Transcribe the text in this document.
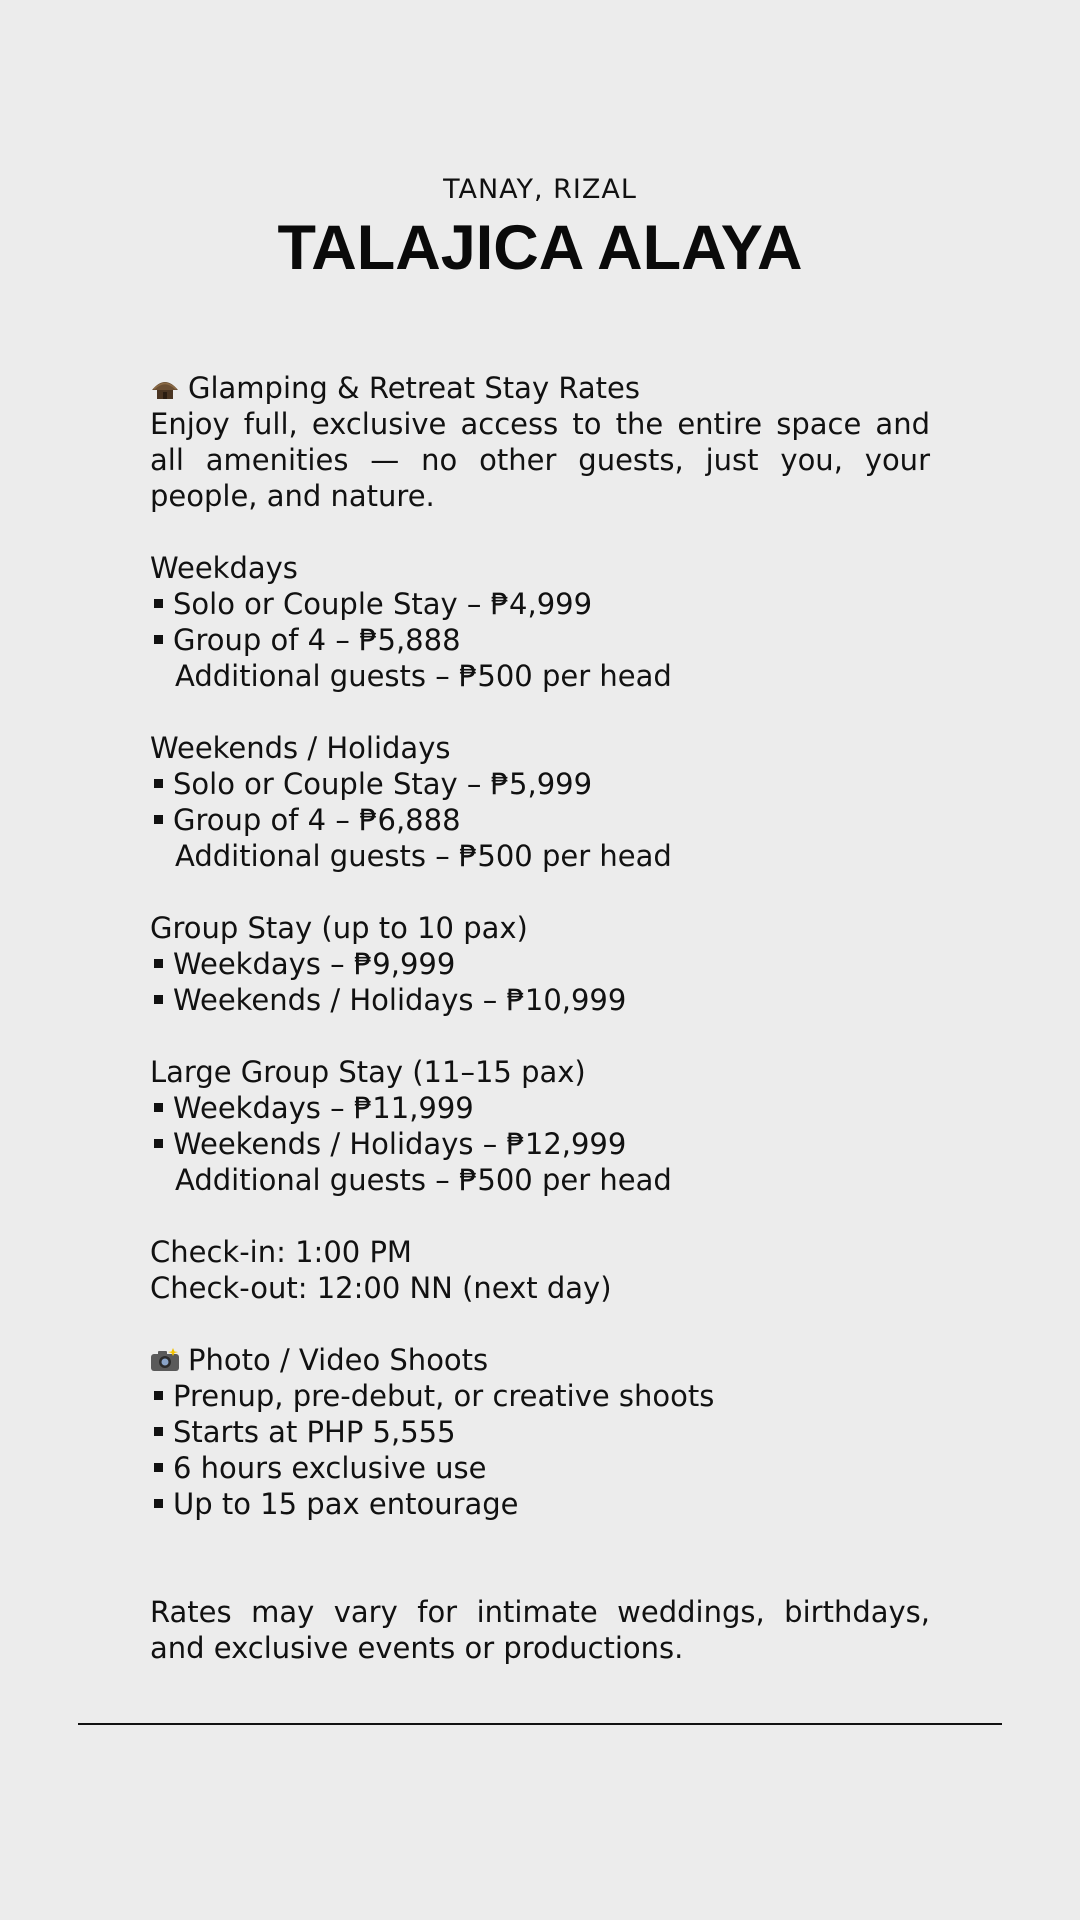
TANAY, RIZAL
TALAJICA ALAYA
Glamping & Retreat Stay Rates
Enjoy full, exclusive access to the entire space and all amenities — no other guests, just you, your people, and nature.
Weekdays
Solo or Couple Stay – ₱4,999
Group of 4 – ₱5,888
Additional guests – ₱500 per head
Weekends / Holidays
Solo or Couple Stay – ₱5,999
Group of 4 – ₱6,888
Additional guests – ₱500 per head
Group Stay (up to 10 pax)
Weekdays – ₱9,999
Weekends / Holidays – ₱10,999
Large Group Stay (11–15 pax)
Weekdays – ₱11,999
Weekends / Holidays – ₱12,999
Additional guests – ₱500 per head
Check-in: 1:00 PM
Check-out: 12:00 NN (next day)
Photo / Video Shoots
Prenup, pre-debut, or creative shoots
Starts at PHP 5,555
6 hours exclusive use
Up to 15 pax entourage
Rates may vary for intimate weddings, birthdays, and exclusive events or productions.
